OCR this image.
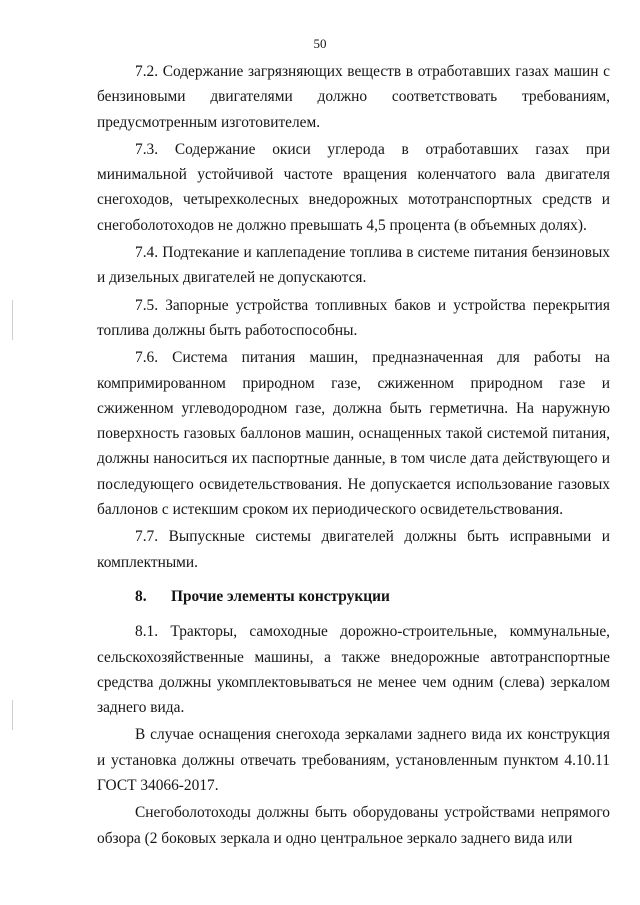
50

7.2. Содержание загрязняющих веществ в отработавших газах машин с бензиновыми двигателями должно соответствовать требованиям, предусмотренным изготовителем.

7.3. Содержание окиси углерода в отработавших газах при минимальной устойчивой частоте вращения коленчатого вала двигателя снегоходов, четырехколесных внедорожных мототранспортных средств и снегоболотоходов не должно превышать 4,5 процента (в объемных долях).

7.4. Подтекание и каплепадение топлива в системе питания бензиновых и дизельных двигателей не допускаются.

7.5. Запорные устройства топливных баков и устройства перекрытия топлива должны быть работоспособны.

7.6. Система питания машин, предназначенная для работы на компримированном природном газе, сжиженном природном газе и сжиженном углеводородном газе, должна быть герметична. На наружную поверхность газовых баллонов машин, оснащенных такой системой питания, должны наноситься их паспортные данные, в том числе дата действующего и последующего освидетельствования. Не допускается использование газовых баллонов с истекшим сроком их периодического освидетельствования.

7.7. Выпускные системы двигателей должны быть исправными и комплектными.

8. Прочие элементы конструкции

8.1. Тракторы, самоходные дорожно-строительные, коммунальные, сельскохозяйственные машины, а также внедорожные автотранспортные средства должны укомплектовываться не менее чем одним (слева) зеркалом заднего вида.

В случае оснащения снегохода зеркалами заднего вида их конструкция и установка должны отвечать требованиям, установленным пунктом 4.10.11 ГОСТ 34066-2017.

Снегоболотоходы должны быть оборудованы устройствами непрямого обзора (2 боковых зеркала и одно центральное зеркало заднего вида или
